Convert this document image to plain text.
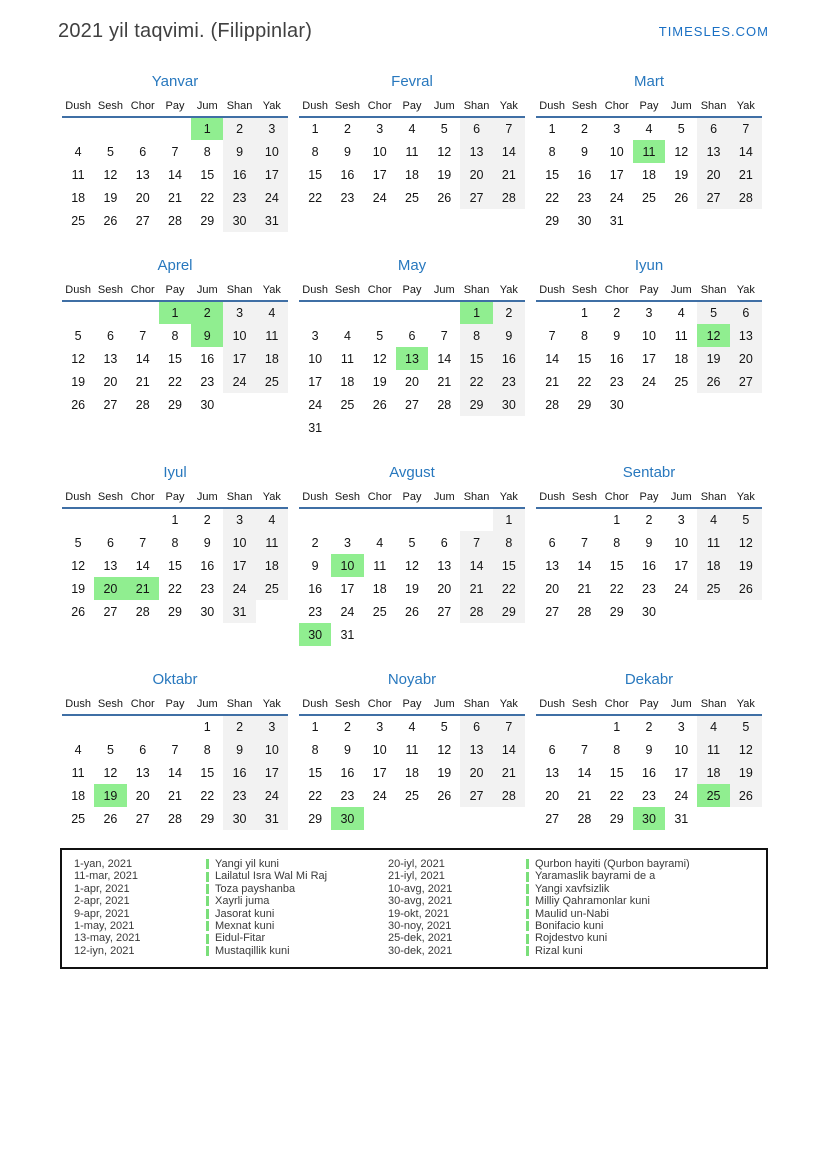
2021 yil taqvimi. (Filippinlar)	TIMESLES.COM
Yanvar
Dush	Sesh	Chor	Pay	Jum	Shan	Yak
				1	2	3
4	5	6	7	8	9	10
11	12	13	14	15	16	17
18	19	20	21	22	23	24
25	26	27	28	29	30	31
Fevral
Dush	Sesh	Chor	Pay	Jum	Shan	Yak
1	2	3	4	5	6	7
8	9	10	11	12	13	14
15	16	17	18	19	20	21
22	23	24	25	26	27	28
Mart
Dush	Sesh	Chor	Pay	Jum	Shan	Yak
1	2	3	4	5	6	7
8	9	10	11	12	13	14
15	16	17	18	19	20	21
22	23	24	25	26	27	28
29	30	31				
Aprel
Dush	Sesh	Chor	Pay	Jum	Shan	Yak
			1	2	3	4
5	6	7	8	9	10	11
12	13	14	15	16	17	18
19	20	21	22	23	24	25
26	27	28	29	30		
May
Dush	Sesh	Chor	Pay	Jum	Shan	Yak
					1	2
3	4	5	6	7	8	9
10	11	12	13	14	15	16
17	18	19	20	21	22	23
24	25	26	27	28	29	30
31						
Iyun
Dush	Sesh	Chor	Pay	Jum	Shan	Yak
	1	2	3	4	5	6
7	8	9	10	11	12	13
14	15	16	17	18	19	20
21	22	23	24	25	26	27
28	29	30				
Iyul
Dush	Sesh	Chor	Pay	Jum	Shan	Yak
			1	2	3	4
5	6	7	8	9	10	11
12	13	14	15	16	17	18
19	20	21	22	23	24	25
26	27	28	29	30	31	
Avgust
Dush	Sesh	Chor	Pay	Jum	Shan	Yak
						1
2	3	4	5	6	7	8
9	10	11	12	13	14	15
16	17	18	19	20	21	22
23	24	25	26	27	28	29
30	31					
Sentabr
Dush	Sesh	Chor	Pay	Jum	Shan	Yak
		1	2	3	4	5
6	7	8	9	10	11	12
13	14	15	16	17	18	19
20	21	22	23	24	25	26
27	28	29	30			
Oktabr
Dush	Sesh	Chor	Pay	Jum	Shan	Yak
				1	2	3
4	5	6	7	8	9	10
11	12	13	14	15	16	17
18	19	20	21	22	23	24
25	26	27	28	29	30	31
Noyabr
Dush	Sesh	Chor	Pay	Jum	Shan	Yak
1	2	3	4	5	6	7
8	9	10	11	12	13	14
15	16	17	18	19	20	21
22	23	24	25	26	27	28
29	30					
Dekabr
Dush	Sesh	Chor	Pay	Jum	Shan	Yak
		1	2	3	4	5
6	7	8	9	10	11	12
13	14	15	16	17	18	19
20	21	22	23	24	25	26
27	28	29	30	31		
1-yan, 2021	Yangi yil kuni	20-iyl, 2021	Qurbon hayiti (Qurbon bayrami)
11-mar, 2021	Lailatul Isra Wal Mi Raj	21-iyl, 2021	Yaramaslik bayrami de a
1-apr, 2021	Toza payshanba	10-avg, 2021	Yangi xavfsizlik
2-apr, 2021	Xayrli juma	30-avg, 2021	Milliy Qahramonlar kuni
9-apr, 2021	Jasorat kuni	19-okt, 2021	Maulid un-Nabi
1-may, 2021	Mexnat kuni	30-noy, 2021	Bonifacio kuni
13-may, 2021	Eidul-Fitar	25-dek, 2021	Rojdestvo kuni
12-iyn, 2021	Mustaqillik kuni	30-dek, 2021	Rizal kuni
